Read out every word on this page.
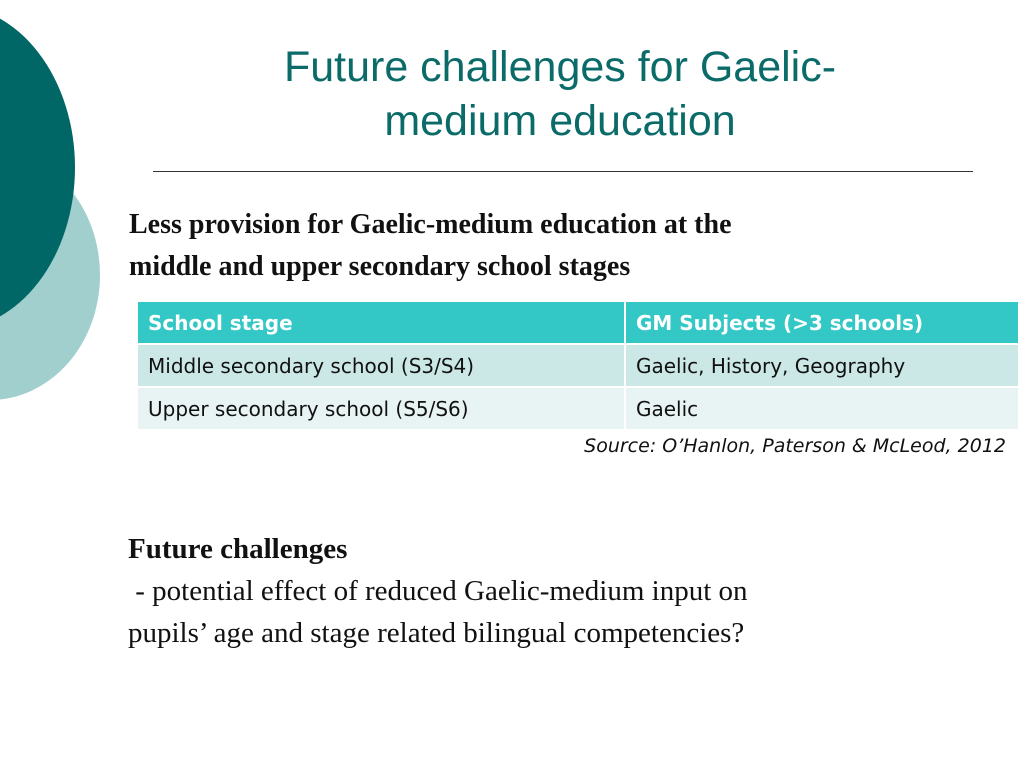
Future challenges for Gaelic-
medium education
Less provision for Gaelic-medium education at the
middle and upper secondary school stages
School stage	GM Subjects (>3 schools)
Middle secondary school (S3/S4)	Gaelic, History, Geography
Upper secondary school (S5/S6)	Gaelic
Source: O’Hanlon, Paterson & McLeod, 2012
Future challenges
- potential effect of reduced Gaelic-medium input on
pupils’ age and stage related bilingual competencies?
